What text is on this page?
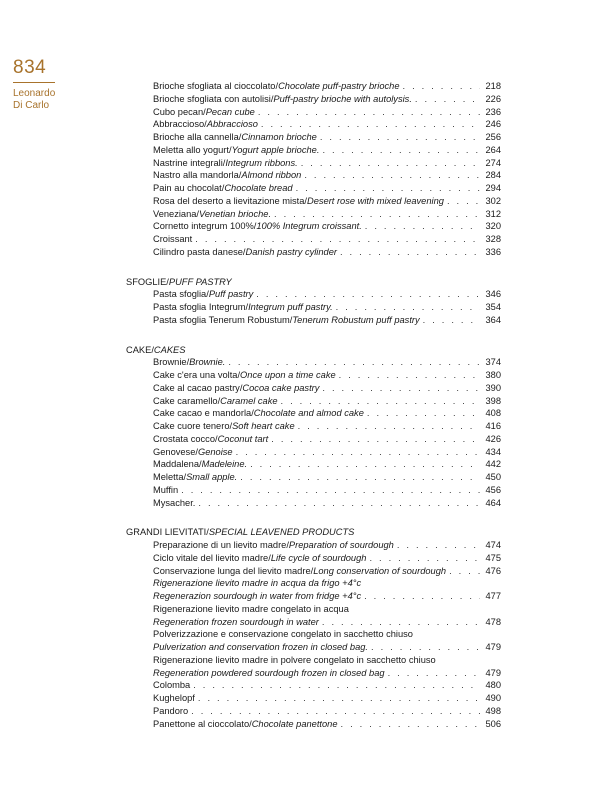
834
Leonardo
Di Carlo
Brioche sfogliata al cioccolato/Chocolate puff-pastry brioche . . .	218
Brioche sfogliata con autolisi/Puff-pastry brioche with autolysis. . . .	226
Cubo pecan/Pecan cube . . .	236
Abbraccioso/Abbraccioso . . .	246
Brioche alla cannella/Cinnamon brioche . . .	256
Meletta allo yogurt/Yogurt apple brioche. . . .	264
Nastrine integrali/Integrum ribbons. . . .	274
Nastro alla mandorla/Almond ribbon . . .	284
Pain au chocolat/Chocolate bread . . .	294
Rosa del deserto a lievitazione mista/Desert rose with mixed leavening . . .	302
Veneziana/Venetian brioche. . . .	312
Cornetto integrum 100%/100% Integrum croissant. . . .	320
Croissant . . .	328
Cilindro pasta danese/Danish pastry cylinder . . .	336
SFOGLIE/PUFF PASTRY
Pasta sfoglia/Puff pastry . . .	346
Pasta sfoglia Integrum/Integrum puff pastry. . . .	354
Pasta sfoglia Tenerum Robustum/Tenerum Robustum puff pastry . . .	364
CAKE/CAKES
Brownie/Brownie. . . .	374
Cake c'era una volta/Once upon a time cake . . .	380
Cake al cacao pastry/Cocoa cake pastry . . .	390
Cake caramello/Caramel cake . . .	398
Cake cacao e mandorla/Chocolate and almod cake . . .	408
Cake cuore tenero/Soft heart cake . . .	416
Crostata cocco/Coconut tart . . .	426
Genovese/Genoise . . .	434
Maddalena/Madeleine. . . .	442
Meletta/Small apple. . . .	450
Muffin . . .	456
Mysacher. . . .	464
GRANDI LIEVITATI/SPECIAL LEAVENED PRODUCTS
Preparazione di un lievito madre/Preparation of sourdough . . .	474
Ciclo vitale del lievito madre/Life cycle of sourdough . . .	475
Conservazione lunga del lievito madre/Long conservation of sourdough . . .	476
Rigenerazione lievito madre in acqua da frigo +4°c
Regenerazion sourdough in water from fridge +4°c . . .	477
Rigenerazione lievito madre congelato in acqua
Regeneration frozen sourdough in water . . .	478
Polverizzazione e conservazione congelato in sacchetto chiuso
Pulverization and conservation frozen in closed bag. . . .	479
Rigenerazione lievito madre in polvere congelato in sacchetto chiuso
Regeneration powdered sourdough frozen in closed bag . . .	479
Colomba . . .	480
Kughelopf . . .	490
Pandoro . . .	498
Panettone al cioccolato/Chocolate panettone . . .	506
